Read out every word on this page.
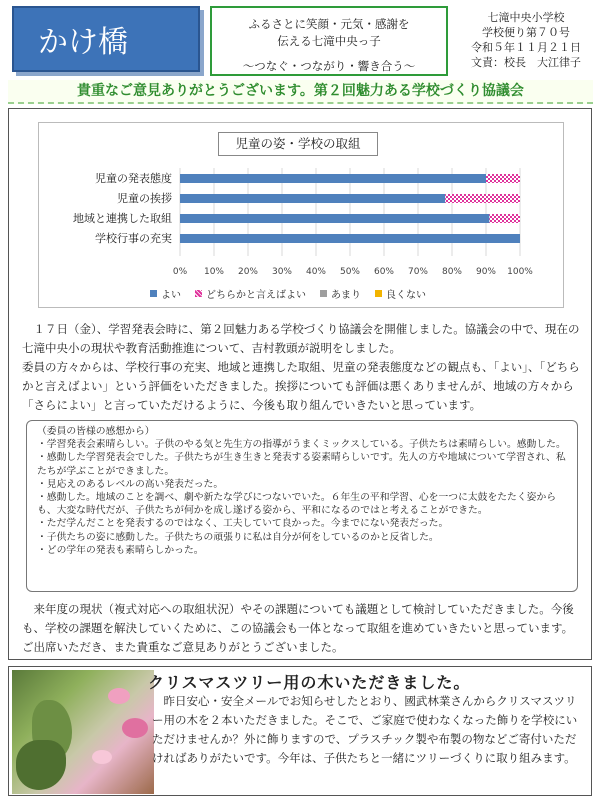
かけ橋
ふるさとに笑顔・元気・感謝を
伝える七滝中央っ子
～つなぐ・つながり・響き合う～
七滝中央小学校
学校便り第７０号
令和５年１１月２１日
文責：校長　大江律子
貴重なご意見ありがとうございます。第２回魅力ある学校づくり協議会
児童の姿・学校の取組
0% 10% 20% 30% 40% 50% 60% 70% 80% 90% 100%
児童の発表態度
児童の挨拶
地域と連携した取組
学校行事の充実
よい	どちらかと言えばよい	あまり	良くない
　１７日（金）、学習発表会時に、第２回魅力ある学校づくり協議会を開催しました。協議会の中で、現在の七滝中央小の現状や教育活動推進について、吉村教頭が説明をしました。
委員の方々からは、学校行事の充実、地域と連携した取組、児童の発表態度などの観点も、「よい」、「どちらかと言えばよい」という評価をいただきました。挨拶についても評価は悪くありませんが、地域の方々から「さらによい」と言っていただけるように、今後も取り組んでいきたいと思っています。
（委員の皆様の感想から）
・学習発表会素晴らしい。子供のやる気と先生方の指導がうまくミックスしている。子供たちは素晴らしい。感動した。
・感動した学習発表会でした。子供たちが生き生きと発表する姿素晴らしいです。先人の方や地域について学習され、私たちが学ぶことができました。
・見応えのあるレベルの高い発表だった。
・感動した。地域のことを調べ、劇や新たな学びにつないでいた。６年生の平和学習、心を一つに太鼓をたたく姿からも、大変な時代だが、子供たちが何かを成し遂げる姿から、平和になるのではと考えることができた。
・ただ学んだことを発表するのではなく、工夫していて良かった。今までにない発表だった。
・子供たちの姿に感動した。子供たちの頑張りに私は自分が何をしているのかと反省した。
・どの学年の発表も素晴らしかった。
　来年度の現状（複式対応への取組状況）やその課題についても議題として検討していただきました。今後も、学校の課題を解決していくために、この協議会も一体となって取組を進めていきたいと思っています。ご出席いただき、また貴重なご意見ありがとうございました。
クリスマスツリー用の木いただきました。
　昨日安心・安全メールでお知らせしたとおり、國武林業さんからクリスマスツリー用の木を２本いただきました。そこで、ご家庭で使わなくなった飾りを学校にいただけませんか？外に飾りますので、プラスチック製や布製の物などご寄付いただければありがたいです。今年は、子供たちと一緒にツリーづくりに取り組みます。
